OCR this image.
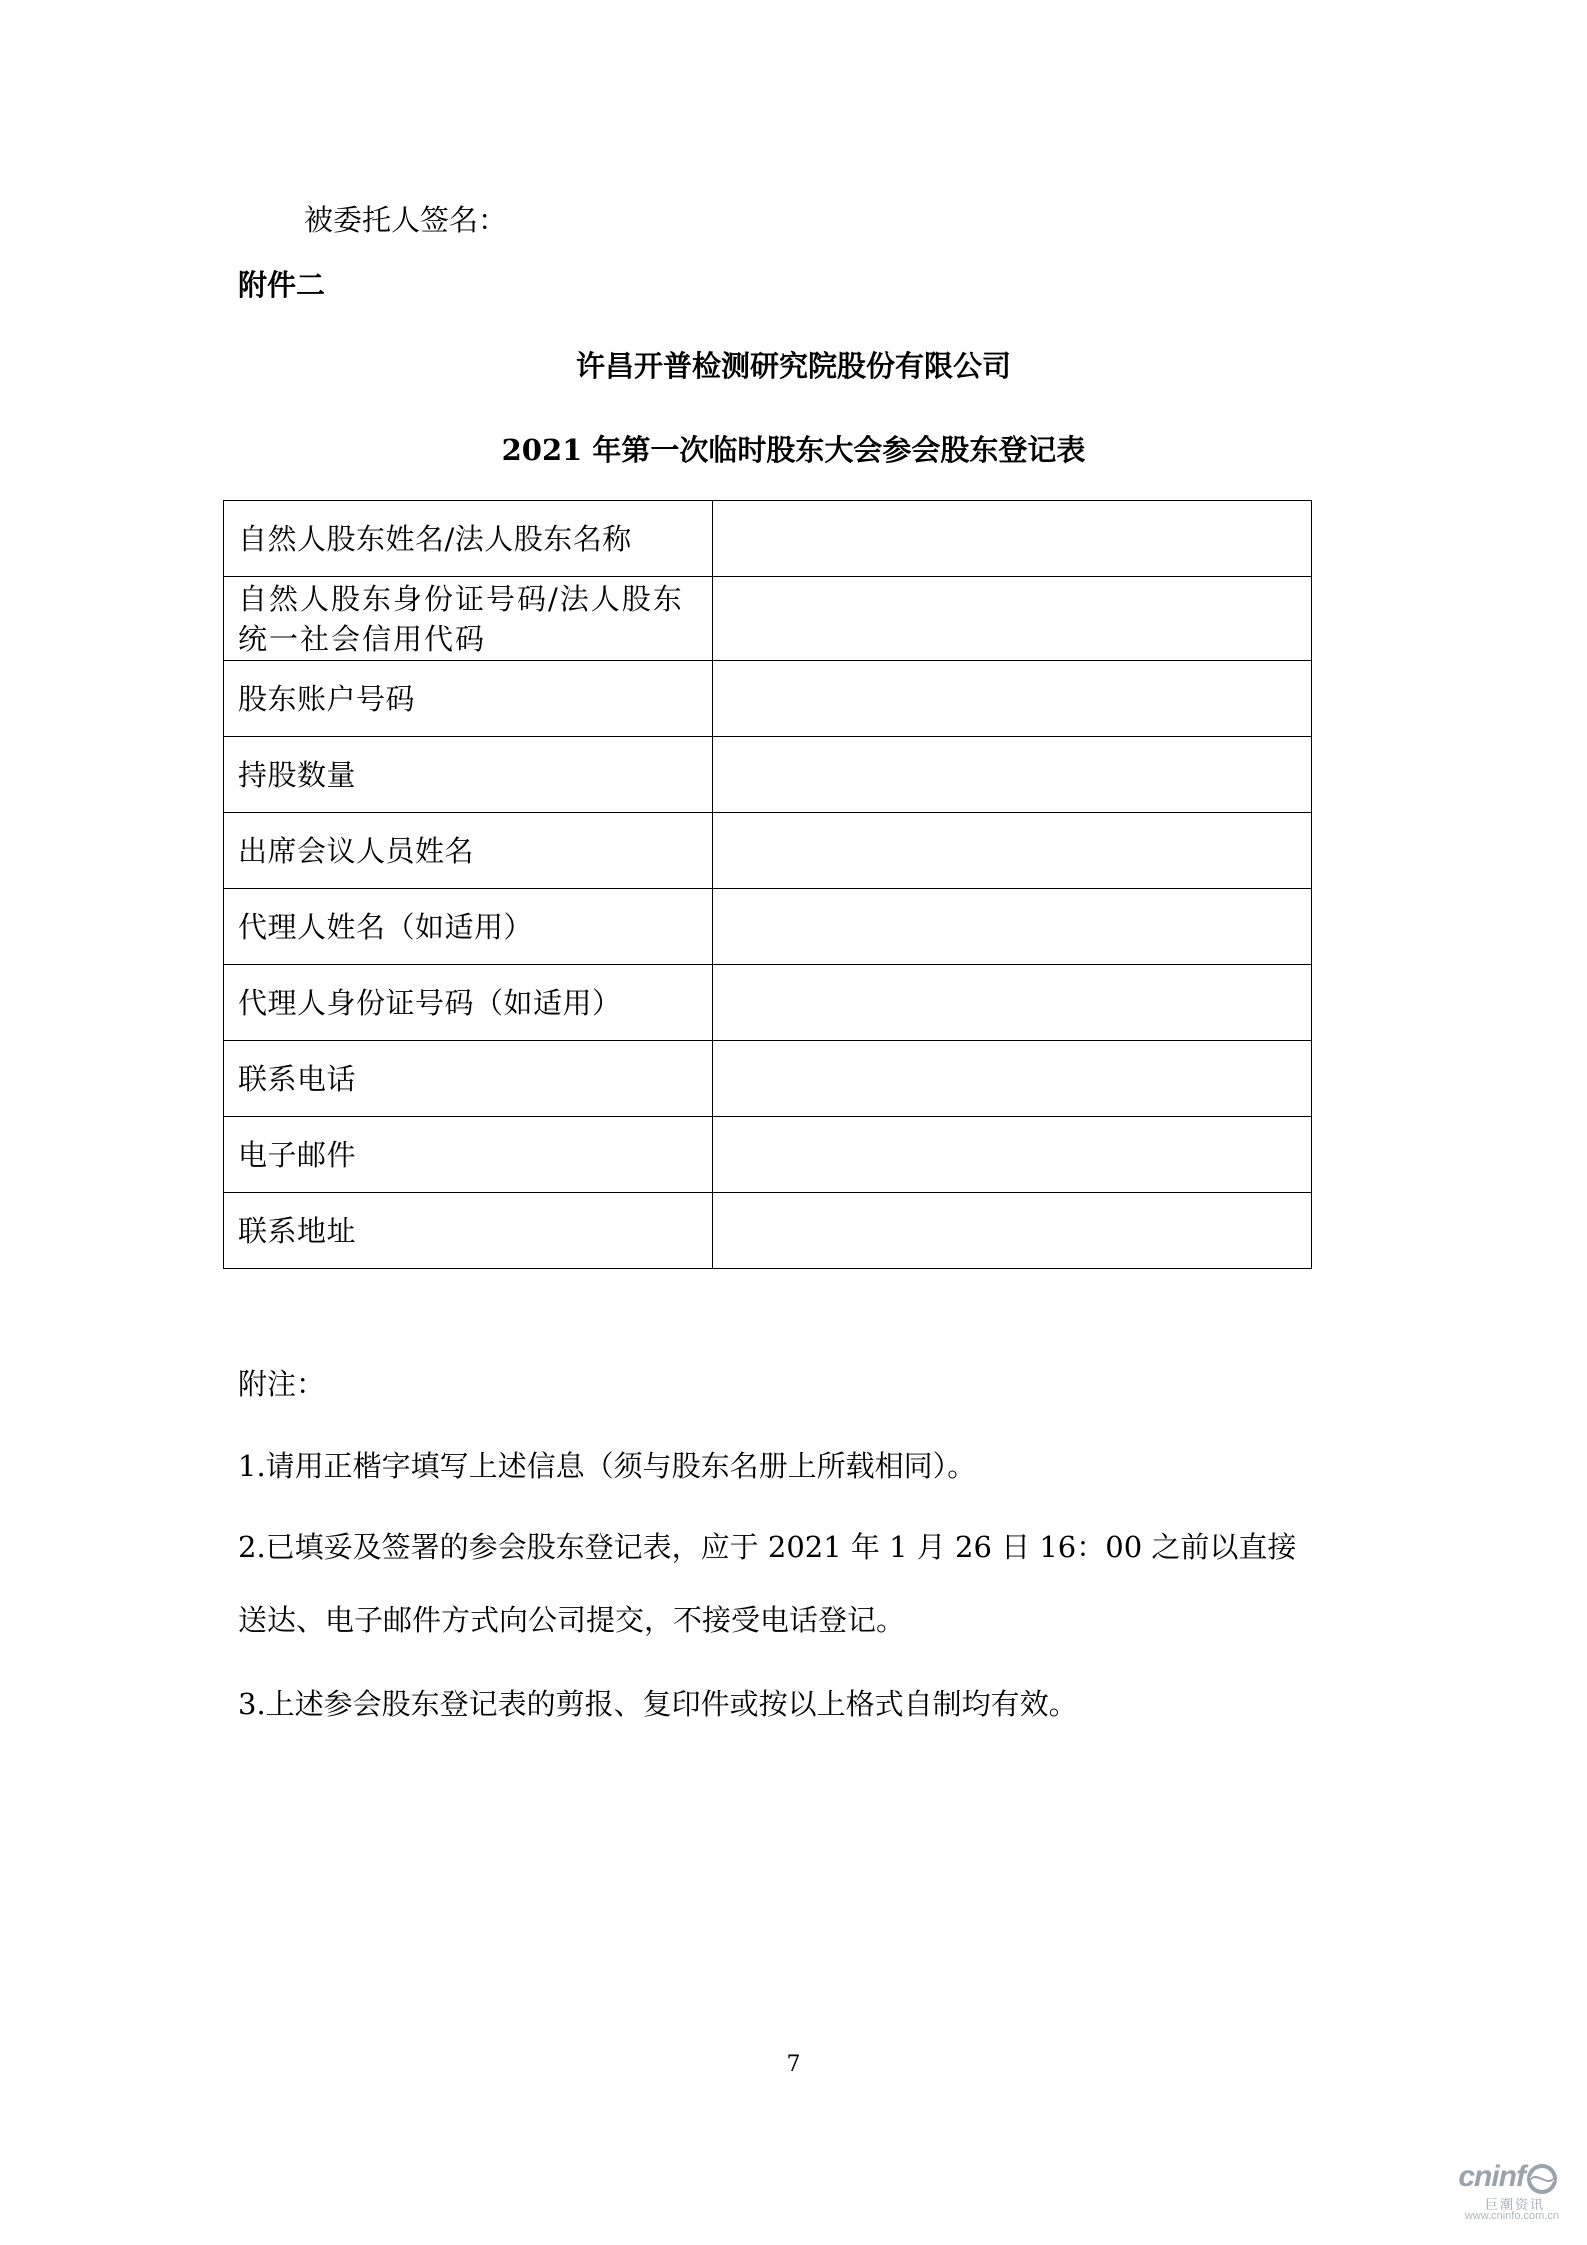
被委托人签名：
附件二
许昌开普检测研究院股份有限公司
2021 年第一次临时股东大会参会股东登记表
自然人股东姓名/法人股东名称	

自然人股东身份证号码/法人股东统一社会信用代码	

股东账户号码	

持股数量	

出席会议人员姓名	

代理人姓名（如适用）	

代理人身份证号码（如适用）	

联系电话	

电子邮件	

联系地址	

附注：
1.请用正楷字填写上述信息（须与股东名册上所载相同）。
2.已填妥及签署的参会股东登记表，应于 2021 年 1 月 26 日 16：00 之前以直接
送达、电子邮件方式向公司提交，不接受电话登记。
3.上述参会股东登记表的剪报、复印件或按以上格式自制均有效。
7
cninf
巨潮资讯
www.cninfo.com.cn
